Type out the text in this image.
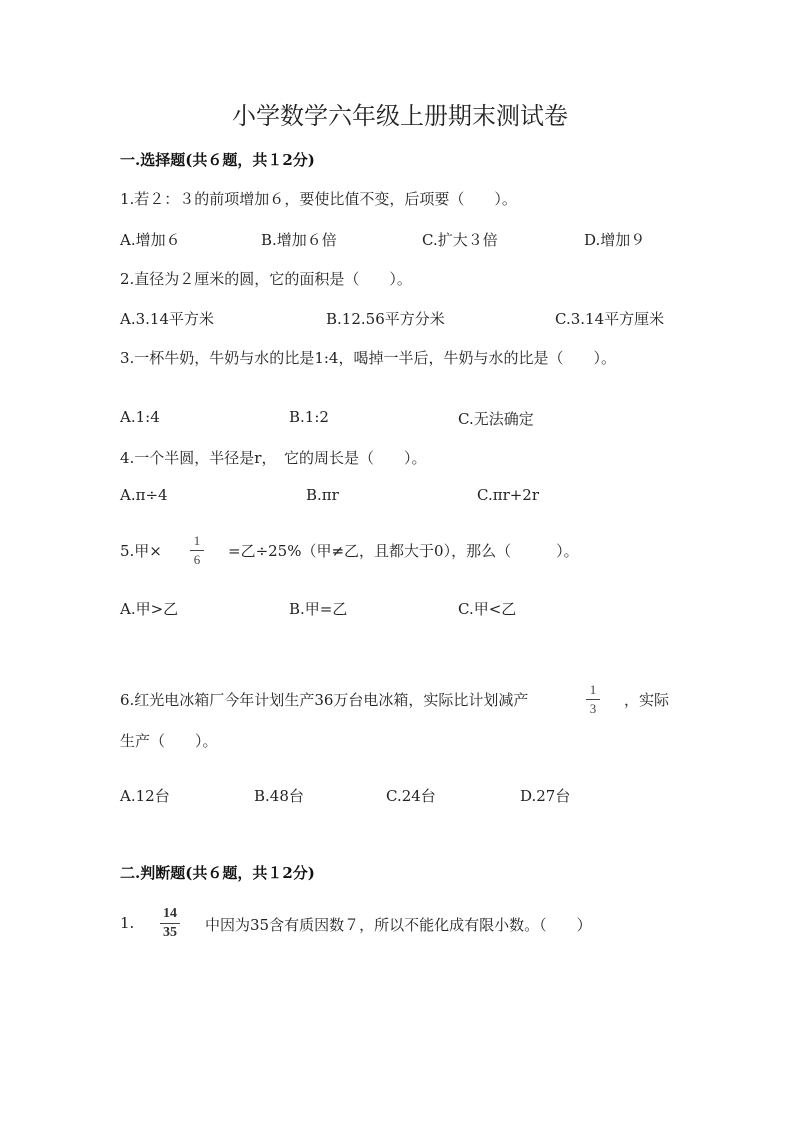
小学数学六年级上册期末测试卷
一.选择题(共６题，共１2分)
1.若２：３的前项增加６，要使比值不变，后项要（　　）。
A.增加６	B.增加６倍	C.扩大３倍	D.增加９
2.直径为２厘米的圆，它的面积是（　　）。
A.3.14平方米	B.12.56平方分米	C.3.14平方厘米
3.一杯牛奶，牛奶与水的比是1:4，喝掉一半后，牛奶与水的比是（　　）。
A.1:4	B.1:2	C.无法确定
4.一个半圆，半径是r，　它的周长是（　　）。
A.π÷4	B.πr	C.πr+2r
5.甲×
1
6 =乙÷25%（甲≠乙，且都大于0），那么（　　　）。
A.甲>乙	B.甲=乙	C.甲<乙
6.红光电冰箱厂今年计划生产36万台电冰箱，实际比计划减产
1
3 ，实际
生产（　　）。
A.12台	B.48台	C.24台	D.27台
二.判断题(共６题，共１2分)
1.
14
35 中因为35含有质因数７，所以不能化成有限小数。（　　）
